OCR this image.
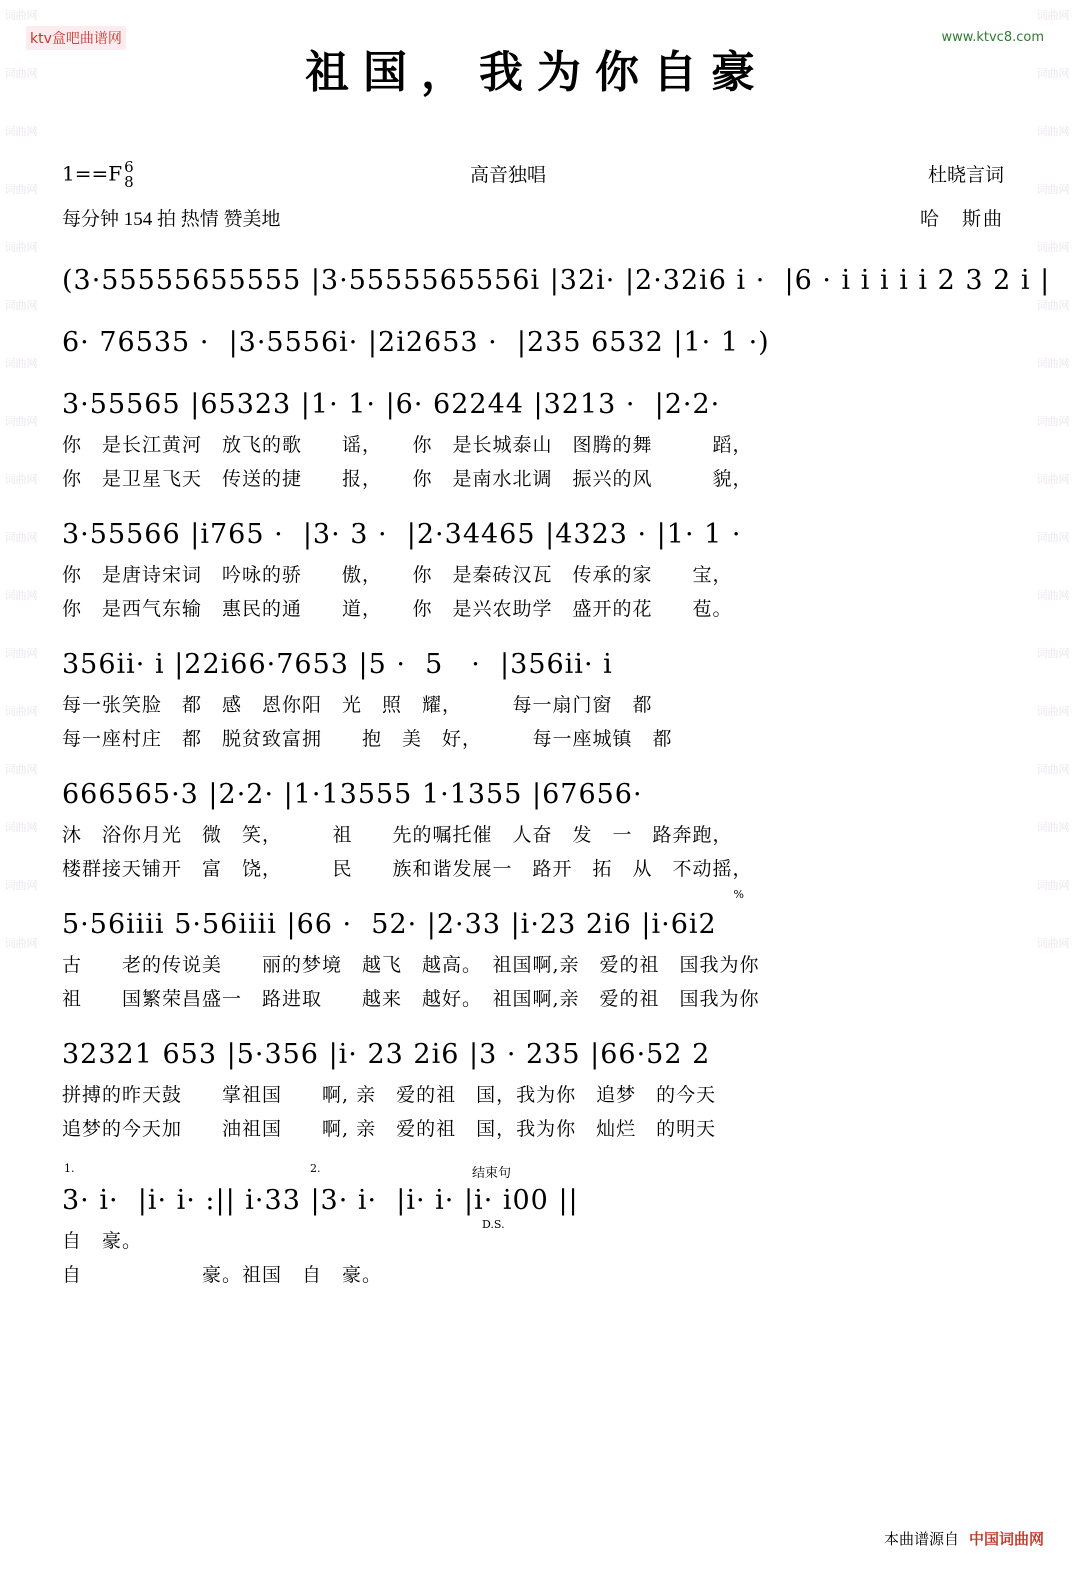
词曲网
词曲网
词曲网
词曲网
词曲网
词曲网
词曲网
词曲网
词曲网
词曲网
词曲网
词曲网
词曲网
词曲网
词曲网
词曲网
词曲网
词曲网
词曲网
词曲网
词曲网
词曲网
词曲网
词曲网
词曲网
词曲网
词曲网
词曲网
词曲网
词曲网
词曲网
词曲网
词曲网
词曲网
ktv盒吧曲谱网	www.ktvc8.com
祖国，我为你自豪
1==F 6
8
每分钟 154 拍 热情 赞美地
高音独唱	杜晓言词
哈　斯曲
(3·55555655555 |3·5555565556i |32i· |2·32i6 i ·  |6 · i i i i i 2 3 2 i |
6· 76535 ·  |3·5556i· |2i2653 ·  |235 6532 |1· 1 ·)
3·55565 |65323 |1· 1· |6· 62244 |3213 ·  |2·2·
你　是长江黄河　放飞的歌　　谣，　　你　是长城泰山　图腾的舞　　　蹈，
你　是卫星飞天　传送的捷　　报，　　你　是南水北调　振兴的风　　　貌，
3·55566 |i765 ·  |3· 3 ·  |2·34465 |4323 · |1· 1 ·
你　是唐诗宋词　吟咏的骄　　傲，　　你　是秦砖汉瓦　传承的家　　宝，
你　是西气东输　惠民的通　　道，　　你　是兴农助学　盛开的花　　苞。
356ii· i |22i66·7653 |5 ·  5　·  |356ii· i
每一张笑脸　都　感　恩你阳　光　照　耀，　　　每一扇门窗　都
每一座村庄　都　脱贫致富拥　　抱　美　好，　　　每一座城镇　都
666565·3 |2·2· |1·13555 1·1355 |67656·
沐　浴你月光　微　笑，　　　祖　　先的嘱托催　人奋　发　一　路奔跑，
楼群接天铺开　富　饶，　　　民　　族和谐发展一　路开　拓　从　不动摇，
%
5·56iiii 5·56iiii |66 ·  52· |2·33 |i·23 2i6 |i·6i2
古　　老的传说美　　丽的梦境　越飞　越高。　祖国啊,亲　爱的祖　国我为你
祖　　国繁荣昌盛一　路进取　　越来　越好。　祖国啊,亲　爱的祖　国我为你
32321 653 |5·356 |i· 23 2i6 |3 · 235 |66·52 2
拼搏的昨天鼓　　掌祖国　　啊, 亲　爱的祖　国，我为你　追梦　的今天
追梦的今天加　　油祖国　　啊, 亲　爱的祖　国，我为你　灿烂　的明天
1.	2.	结束句
3· i·  |i· i· :|| i·33 |3· i·  |i· i· |i· i00 ||
D.S.
自　豪。
自　　　　　　豪。祖国　自　豪。
本曲谱源自 中国词曲网
